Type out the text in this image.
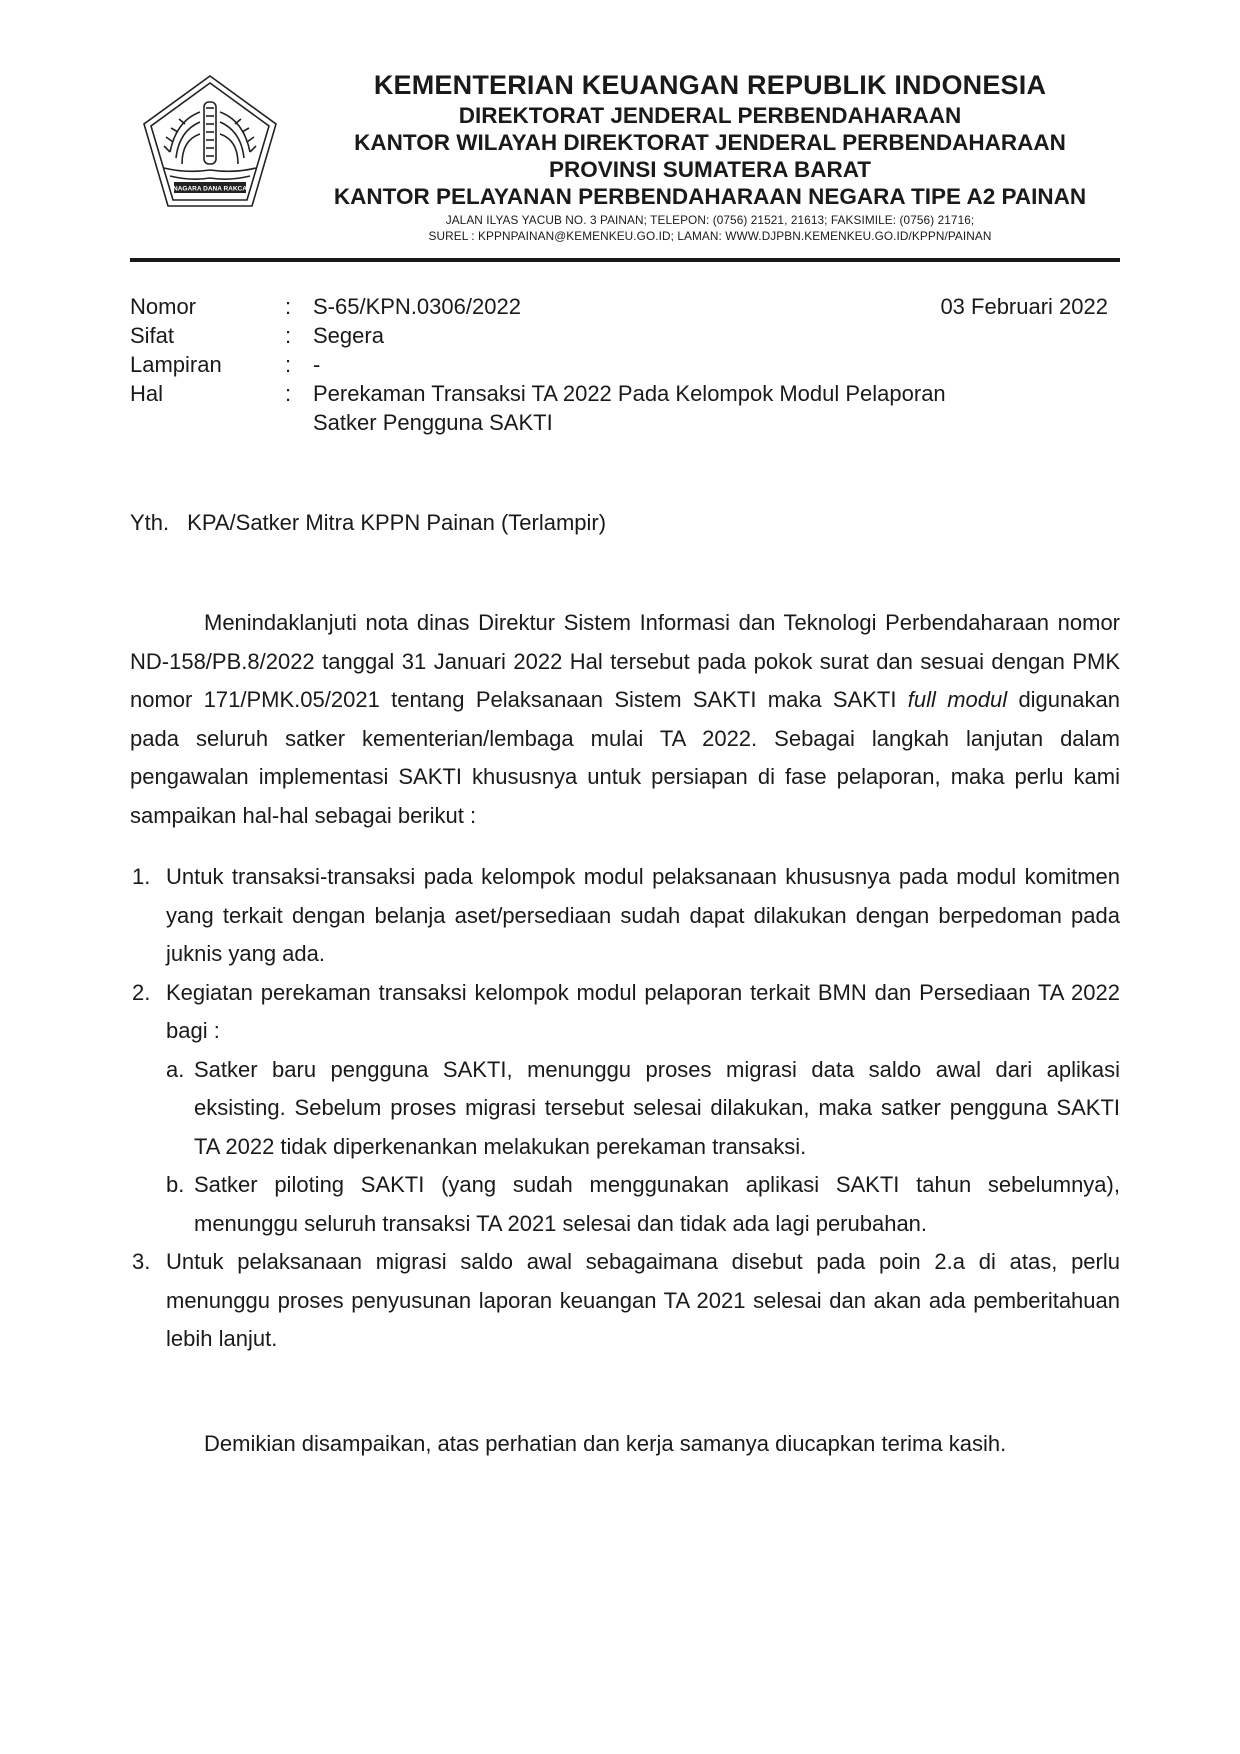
NAGARA DANA RAKCA
KEMENTERIAN KEUANGAN REPUBLIK INDONESIA
DIREKTORAT JENDERAL PERBENDAHARAAN
KANTOR WILAYAH DIREKTORAT JENDERAL PERBENDAHARAAN
PROVINSI SUMATERA BARAT
KANTOR PELAYANAN PERBENDAHARAAN NEGARA TIPE A2 PAINAN
JALAN ILYAS YACUB NO. 3 PAINAN; TELEPON: (0756) 21521, 21613; FAKSIMILE: (0756) 21716;
SUREL : KPPNPAINAN@KEMENKEU.GO.ID; LAMAN: WWW.DJPBN.KEMENKEU.GO.ID/KPPN/PAINAN
Nomor	: S-65/KPN.0306/2022	03 Februari 2022
Sifat	: Segera
Lampiran	: -
Hal	: Perekaman Transaksi TA 2022 Pada Kelompok Modul Pelaporan Satker Pengguna SAKTI
Yth. KPA/Satker Mitra KPPN Painan (Terlampir)

Menindaklanjuti nota dinas Direktur Sistem Informasi dan Teknologi Perbendaharaan nomor ND-158/PB.8/2022 tanggal 31 Januari 2022 Hal tersebut pada pokok surat dan sesuai dengan PMK nomor 171/PMK.05/2021 tentang Pelaksanaan Sistem SAKTI maka SAKTI full modul digunakan pada seluruh satker kementerian/lembaga mulai TA 2022. Sebagai langkah lanjutan dalam pengawalan implementasi SAKTI khususnya untuk persiapan di fase pelaporan, maka perlu kami sampaikan hal-hal sebagai berikut :

1. Untuk transaksi-transaksi pada kelompok modul pelaksanaan khususnya pada modul komitmen yang terkait dengan belanja aset/persediaan sudah dapat dilakukan dengan berpedoman pada juknis yang ada.
2. Kegiatan perekaman transaksi kelompok modul pelaporan terkait BMN dan Persediaan TA 2022 bagi :
a. Satker baru pengguna SAKTI, menunggu proses migrasi data saldo awal dari aplikasi eksisting. Sebelum proses migrasi tersebut selesai dilakukan, maka satker pengguna SAKTI TA 2022 tidak diperkenankan melakukan perekaman transaksi.
b. Satker piloting SAKTI (yang sudah menggunakan aplikasi SAKTI tahun sebelumnya), menunggu seluruh transaksi TA 2021 selesai dan tidak ada lagi perubahan.
3. Untuk pelaksanaan migrasi saldo awal sebagaimana disebut pada poin 2.a di atas, perlu menunggu proses penyusunan laporan keuangan TA 2021 selesai dan akan ada pemberitahuan lebih lanjut.

Demikian disampaikan, atas perhatian dan kerja samanya diucapkan terima kasih.
